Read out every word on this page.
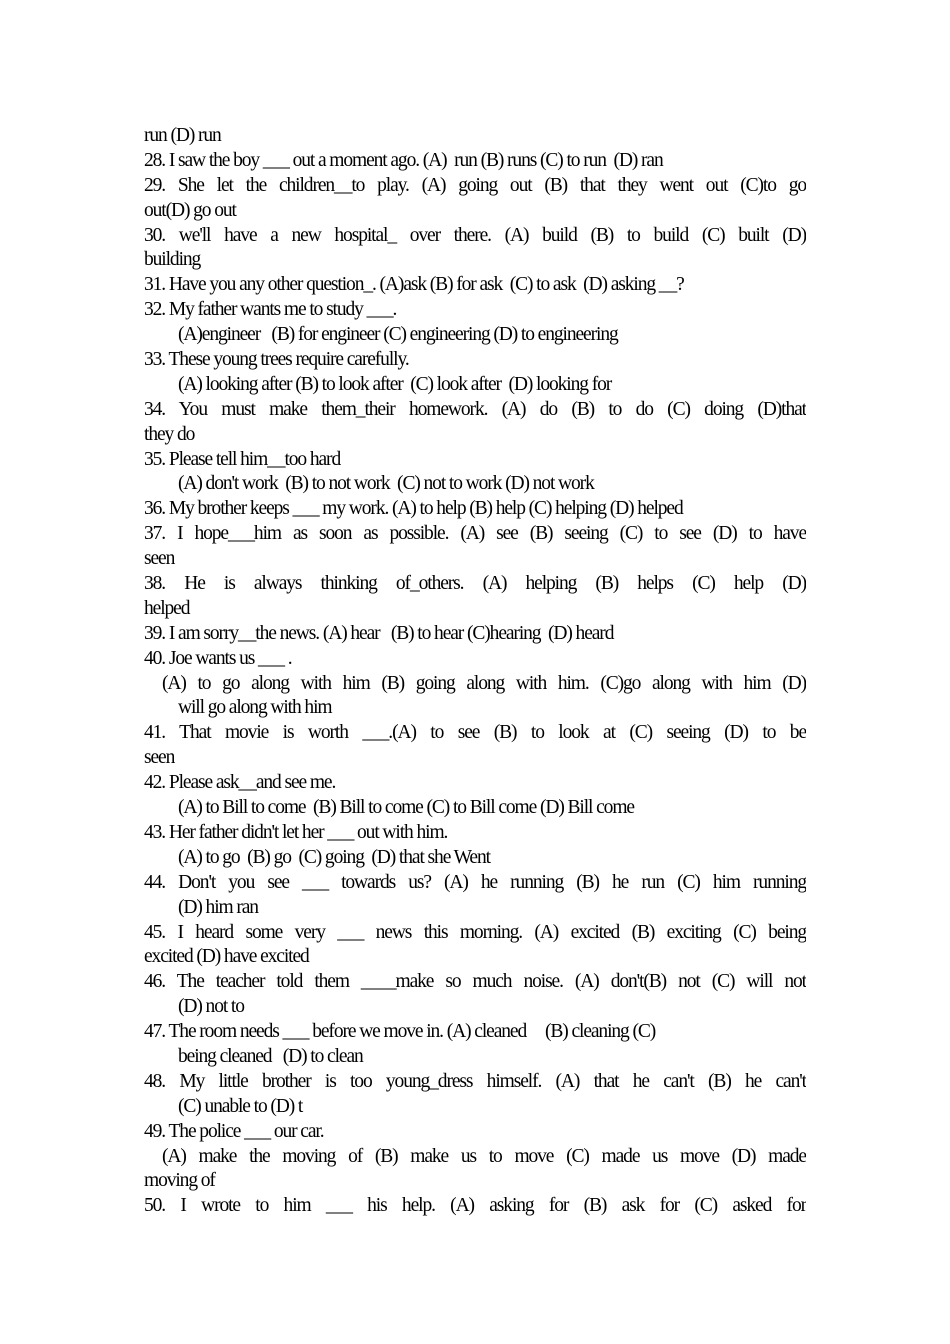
run (D) run
28. I saw the boy ___ out a moment ago. (A)  run (B) runs (C) to run  (D) ran
29. She let the children__to play. (A) going out (B) that they went out (C)to go
out(D) go out
30. we'll have a new hospital_ over there. (A) build (B) to build (C) built (D)
building
31. Have you any other question_. (A)ask (B) for ask  (C) to ask  (D) asking __?
32. My father wants me to study ___.
(A)engineer   (B) for engineer (C) engineering (D) to engineering
33. These young trees require carefully.
(A) looking after (B) to look after  (C) look after  (D) looking for
34. You must make them_their homework. (A) do (B) to do (C) doing (D)that
they do
35. Please tell him__too hard
(A) don't work  (B) to not work  (C) not to work (D) not work
36. My brother keeps ___ my work. (A) to help (B) help (C) helping (D) helped
37. I hope___him as soon as possible. (A) see (B) seeing (C) to see (D) to have
seen
38. He is always thinking of_others. (A) helping (B) helps (C) help (D)
helped
39. I am sorry__the news. (A) hear   (B) to hear (C)hearing  (D) heard
40. Joe wants us ___ .
(A) to go along with him (B) going along with him. (C)go along with him (D)
will go along with him
41. That movie is worth ___.(A) to see (B) to look at (C) seeing (D) to be
seen
42. Please ask__and see me.
(A) to Bill to come  (B) Bill to come (C) to Bill come (D) Bill come
43. Her father didn't let her ___ out with him.
(A) to go  (B) go  (C) going  (D) that she Went
44. Don't you see ___ towards us? (A) he running (B) he run (C) him running
(D) him ran
45. I heard some very ___ news this morning. (A) excited (B) exciting (C) being
excited (D) have excited
46. The teacher told them ____make so much noise. (A) don't(B) not (C) will not
(D) not to
47. The room needs ___ before we move in. (A) cleaned     (B) cleaning (C)
being cleaned   (D) to clean
48. My little brother is too young_dress himself. (A) that he can't (B) he can't
(C) unable to (D) t
49. The police ___ our car.
(A) make the moving of (B) make us to move (C) made us move (D) made
moving of
50. I wrote to him ___ his help. (A) asking for (B) ask for (C) asked for
